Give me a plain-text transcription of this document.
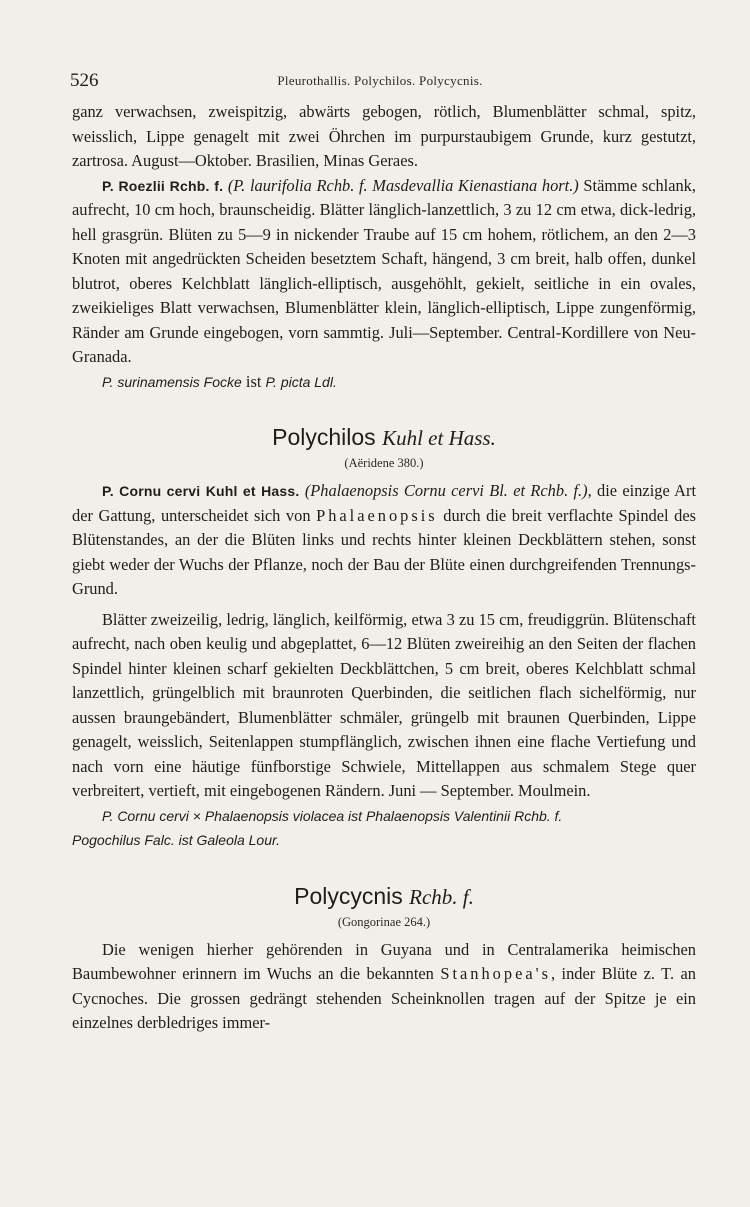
526	Pleurothallis. Polychilos. Polycycnis.

ganz verwachsen, zweispitzig, abwärts gebogen, rötlich, Blumenblätter schmal, spitz, weisslich, Lippe genagelt mit zwei Öhrchen im purpurstaubigem Grunde, kurz gestutzt, zartrosa. August—Oktober. Brasilien, Minas Geraes.

P. Roezlii Rchb. f. (P. laurifolia Rchb. f. Masdevallia Kienastiana hort.) Stämme schlank, aufrecht, 10 cm hoch, braunscheidig. Blätter länglich-lanzettlich, 3 zu 12 cm etwa, dick-ledrig, hell grasgrün. Blüten zu 5—9 in nickender Traube auf 15 cm hohem, rötlichem, an den 2—3 Knoten mit angedrückten Scheiden besetztem Schaft, hängend, 3 cm breit, halb offen, dunkel blutrot, oberes Kelchblatt länglich-elliptisch, ausgehöhlt, gekielt, seitliche in ein ovales, zweikieliges Blatt verwachsen, Blumenblätter klein, länglich-elliptisch, Lippe zungenförmig, Ränder am Grunde eingebogen, vorn sammtig. Juli—September. Central-Kordillere von Neu-Granada.

P. surinamensis Focke ist P. picta Ldl.

Polychilos Kuhl et Hass.

(Aëridene 380.)

P. Cornu cervi Kuhl et Hass. (Phalaenopsis Cornu cervi Bl. et Rchb. f.), die einzige Art der Gattung, unterscheidet sich von Phalaenopsis durch die breit verflachte Spindel des Blütenstandes, an der die Blüten links und rechts hinter kleinen Deckblättern stehen, sonst giebt weder der Wuchs der Pflanze, noch der Bau der Blüte einen durchgreifenden Trennungs-Grund.

Blätter zweizeilig, ledrig, länglich, keilförmig, etwa 3 zu 15 cm, freudiggrün. Blütenschaft aufrecht, nach oben keulig und abgeplattet, 6—12 Blüten zweireihig an den Seiten der flachen Spindel hinter kleinen scharf gekielten Deckblättchen, 5 cm breit, oberes Kelchblatt schmal lanzettlich, grüngelblich mit braunroten Querbinden, die seitlichen flach sichelförmig, nur aussen braungebändert, Blumenblätter schmäler, grüngelb mit braunen Querbinden, Lippe genagelt, weisslich, Seitenlappen stumpflänglich, zwischen ihnen eine flache Vertiefung und nach vorn eine häutige fünfborstige Schwiele, Mittellappen aus schmalem Stege quer verbreitert, vertieft, mit eingebogenen Rändern. Juni — September. Moulmein.

P. Cornu cervi × Phalaenopsis violacea ist Phalaenopsis Valentinii Rchb. f.

Pogochilus Falc. ist Galeola Lour.

Polycycnis Rchb. f.

(Gongorinae 264.)

Die wenigen hierher gehörenden in Guyana und in Centralamerika heimischen Baumbewohner erinnern im Wuchs an die bekannten Stanhopea's, inder Blüte z. T. an Cycnoches. Die grossen gedrängt stehenden Scheinknollen tragen auf der Spitze je ein einzelnes derbledriges immer-
